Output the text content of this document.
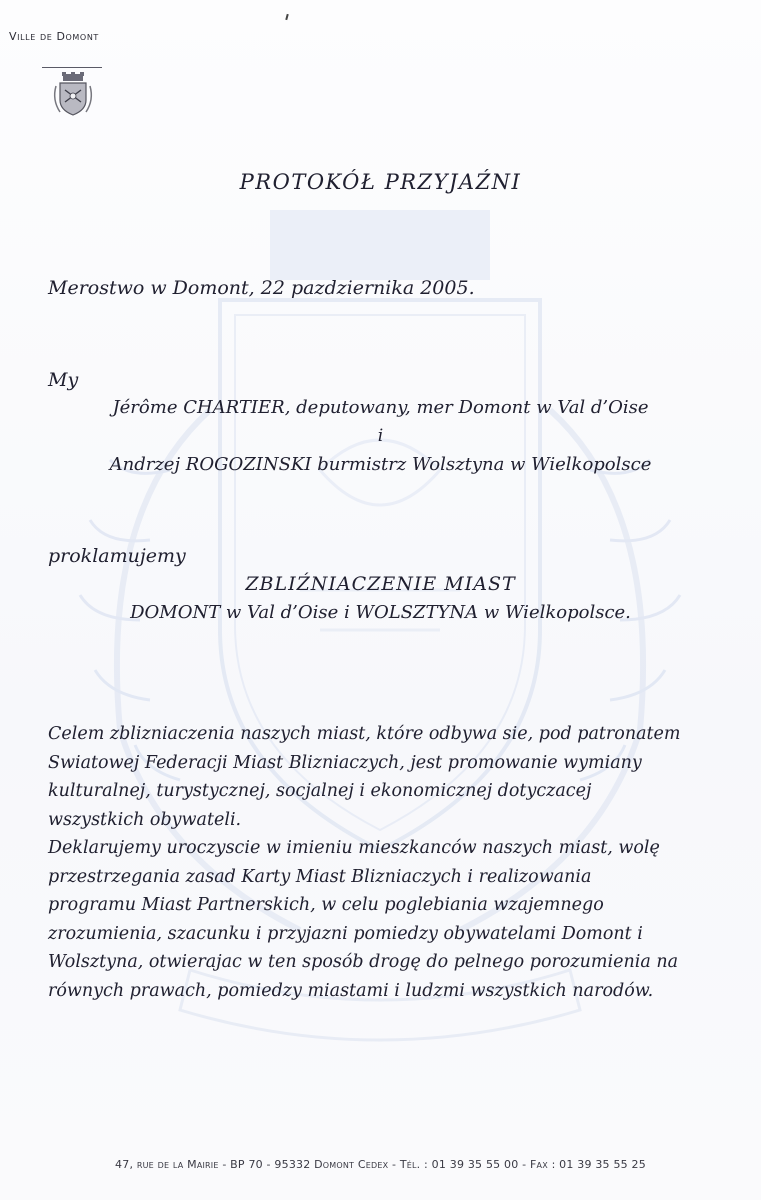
Ville de Domont
PROTOKÓŁ PRZYJAŹNI
Merostwo w Domont, 22 pazdziernika 2005.
My
Jérôme CHARTIER, deputowany, mer Domont w Val d’Oise
i
Andrzej ROGOZINSKI burmistrz Wolsztyna w Wielkopolsce
proklamujemy
ZBLIŹNIACZENIE MIAST
DOMONT w Val d’Oise i WOLSZTYNA w Wielkopolsce.
Celem zblizniaczenia naszych miast, które odbywa sie, pod patronatem
Swiatowej Federacji Miast Blizniaczych, jest promowanie wymiany
kulturalnej, turystycznej, socjalnej i ekonomicznej dotyczacej
wszystkich obywateli.
Deklarujemy uroczyscie w imieniu mieszkanców naszych miast, wolę
przestrzegania zasad Karty Miast Blizniaczych i realizowania
programu Miast Partnerskich, w celu poglebiania wzajemnego
zrozumienia, szacunku i przyjazni pomiedzy obywatelami Domont i
Wolsztyna, otwierajac w ten sposób drogę do pelnego porozumienia na
równych prawach, pomiedzy miastami i ludzmi wszystkich narodów.
47, rue de la Mairie - BP 70 - 95332 Domont Cedex - Tél. : 01 39 35 55 00 - Fax : 01 39 35 55 25
